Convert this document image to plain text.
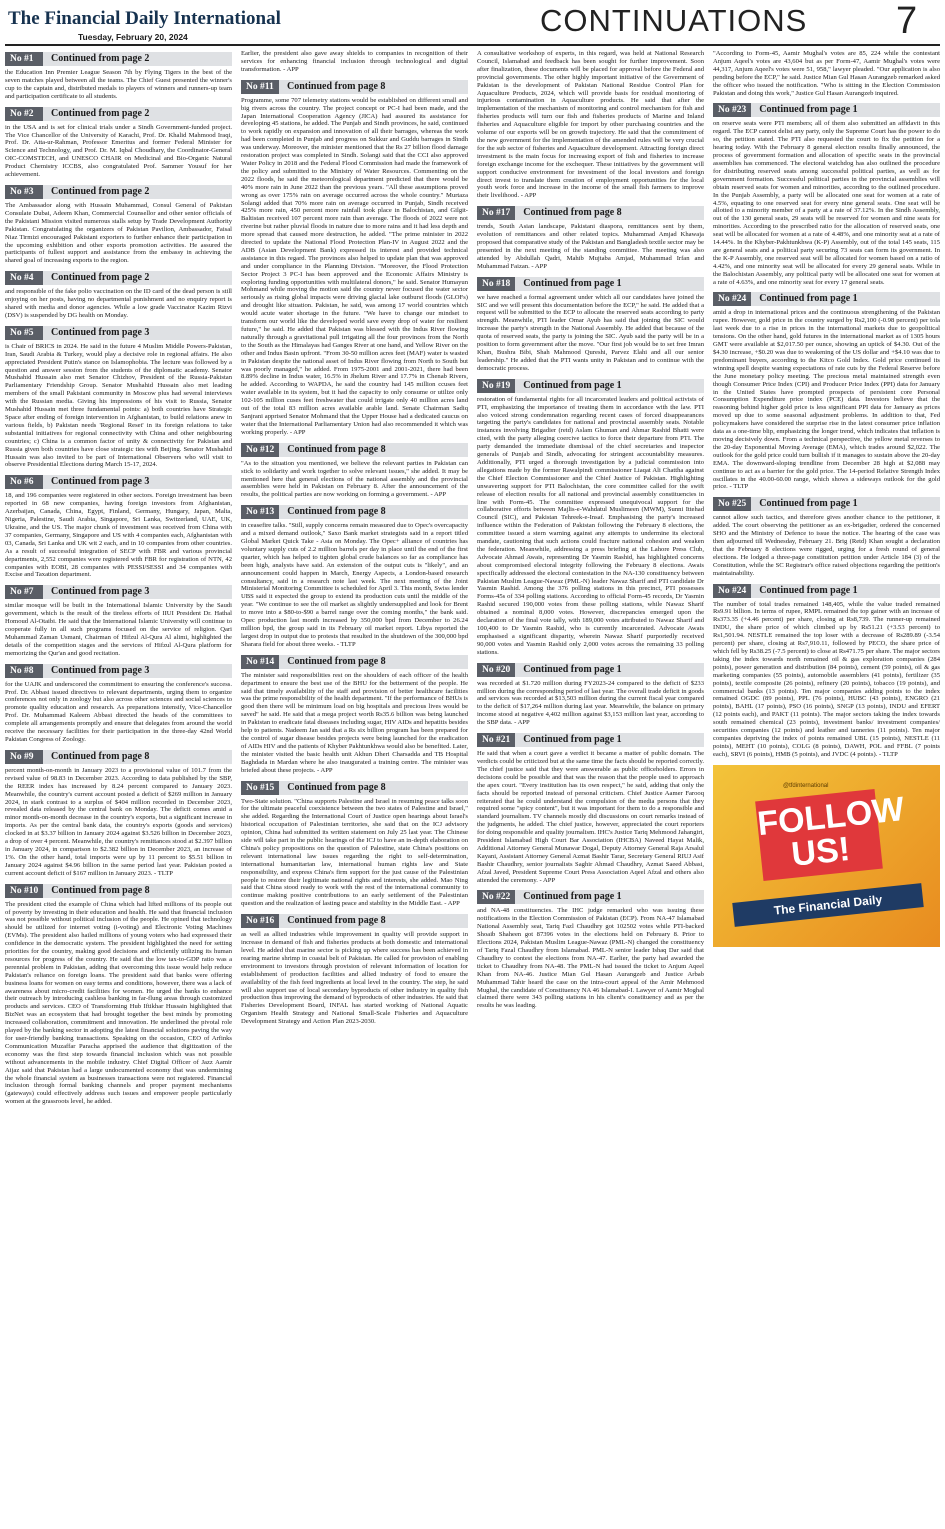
The Financial Daily International
Tuesday, February 20, 2024	CONTINUATIONS 7
No #1	Continued from page 2
the Education Inn Premier League Season 7th by Flying Tigers in the best of the seven matches played between all the teams. The Chief Guest presented the winner's cup to the captain and, distributed medals to players of winners and runners-up team and participation certificate to all students.
No #2	Continued from page 2
in the USA and is set for clinical trials under a Sindh Government-funded project. The Vice Chancellor of the University of Karachi, Prof. Dr. Khalid Mahmood Iraqi, Prof. Dr. Atta-ur-Rahman, Professor Emeritus and former Federal Minister for Science and Technology, and Prof. Dr. M. Iqbal Choudhary, the Coordinator-General OIC-COMSTECH, and UNESCO CHAIR on Medicinal and Bio-Organic Natural Product Chemistry ICCBS, also congratulated Prof. Sammer Yousuf for her achievement.
No #3	Continued from page 2
The Ambassador along with Hussain Muhammad, Consul General of Pakistan Consulate Dubai, Adeem Khan, Commercial Counsellor and other senior officials of the Pakistani Mission visited numerous stalls setup by Trade Development Authority Pakistan. Congratulating the organizers of Pakistan Pavilion, Ambassador, Faisal Niaz Tirmizi encouraged Pakistani exporters to further enhance their participation in the upcoming exhibition and other exports promotion activities. He assured the participants of fullest support and assistance from the embassy in achieving the shared goal of increasing exports to the region.
No #4	Continued from page 2
and responsible of the fake polio vaccination on the ID card of the dead person is still enjoying on her posts, having no departmental punishment and no enquiry report is shared with media and donor agencies. While a low grade Vaccinator Kazim Rizvi (DSV) is suspended by DG health on Monday.
No #5	Continued from page 3
is Chair of BRICS in 2024. He said in the future 4 Muslim Middle Powers-Pakistan, Iran, Saudi Arabia & Turkey, would play a decisive role in regional affairs. He also appreciated President Putin's stance on Islamophobia. The lecture was followed by a question and answer session from the students of the diplomatic academy. Senator Mushahid Hussain also met Senator Chizhov, President of the Russia-Pakistan Parliamentary Friendship Group. Senator Mushahid Hussain also met leading members of the small Pakistani community in Moscow plus had several interviews with the Russian media. Giving his impressions of his visit to Russia, Senator Mushahid Hussain met three fundamental points: a) both countries have Strategic Space after ending of foreign intervention in Afghanistan, to build relations anew in various fields, b) Pakistan needs 'Regional Reset' in its foreign relations to take substantial initiatives for regional connectivity with China and other neighbouring countries; c) China is a common factor of unity & connectivity for Pakistan and Russia given both countries have close strategic ties with Beijing. Senator Mushahid Hussain was also invited to be part of International Observers who will visit to observe Presidential Elections during March 15-17, 2024.
No #6	Continued from page 3
18, and 196 companies were registered in other sectors. Foreign investment has been reported in 68 new companies, having foreign investors from Afghanistan, Azerbaijan, Canada, China, Egypt, Finland, Germany, Hungary, Japan, Malta, Nigeria, Palestine, Saudi Arabia, Singapore, Sri Lanka, Switzerland, UAE, UK, Ukraine, and the US. The major chunk of investment was received from China with 37 companies, Germany, Singapore and US with 4 companies each, Afghanistan with 03, Canada, Sri Lanka and UK wit 2 each, and in 10 companies from other countries. As a result of successful integration of SECP with FBR and various provincial departments, 2,552 companies were registered with FBR for registration of NTN, 42 companies with EOBI, 28 companies with PESSI/SESSI and 34 companies with Excise and Taxation department.
No #7	Continued from page 3
similar mosque will be built in the International Islamic University by the Saudi government, which is the result of the tireless efforts of IIUI President Dr. Hathal Homoud Al-Otaibi. He said that the International Islamic University will continue to cooperate fully in all such programs focused on the service of religion. Qari Muhammad Zaman Usmani, Chairman of Hifzul Al-Qura Al alimi, highlighted the details of the competition stages and the services of Hifzul Al-Qura platform for memorizing the Qur'an and good recitation.
No #8	Continued from page 3
for the UAJK and underscored the commitment to ensuring the conference's success. Prof. Dr. Abbasi issued directives to relevant departments, urging them to organize conferences not only in zoology but also across other sciences and social sciences to promote quality education and research. As preparations intensify, Vice-Chancellor Prof. Dr. Muhammad Kaleem Abbasi directed the heads of the committees to complete all arrangements promptly and ensure that delegates from around the world receive the necessary facilities for their participation in the three-day 42nd World Pakistan Congress of Zoology.
No #9	Continued from page 8
percent month-on-month in January 2023 to a provisional value of 101.7 from the revised value of 98.83 in December 2023. According to data published by the SBP, the REER index has increased by 8.24 percent compared to January 2023. Meanwhile, the country's current account posted a deficit of $269 million in January 2024, in stark contrast to a surplus of $404 million recorded in December 2023, revealed data released by the central bank on Monday. The deficit comes amid a minor month-on-month decrease in the country's exports, but a significant increase in imports. As per the central bank data, the country's exports (goods and services) clocked in at $3.37 billion in January 2024 against $3.526 billion in December 2023, a drop of over 4 percent. Meanwhile, the country's remittances stood at $2.397 billion in January 2024, in comparison to $2.382 billion in December 2023, an increase of 1%. On the other hand, total imports were up by 11 percent to $5.51 billion in January 2024 against $4.96 billion in the same period last year. Pakistan posted a current account deficit of $167 million in January 2023. - TLTP
No #10	Continued from page 8
The president cited the example of China which had lifted millions of its people out of poverty by investing in their education and health. He said that financial inclusion was not possible without political inclusion of the people. He opined that technology should be utilized for internet voting (i-voting) and Electronic Voting Machines (EVMs). The president also hailed millions of young voters who had expressed their confidence in the democratic system. The president highlighted the need for setting priorities for the country, making good decisions and efficiently utilizing its human resources for progress of the country. He said that the low tax-to-GDP ratio was a perennial problem in Pakistan, adding that overcoming this issue would help reduce Pakistan's reliance on foreign loans. The president said that banks were offering business loans for women on easy terms and conditions, however, there was a lack of awareness about micro-credit facilities for women. He urged the banks to enhance their outreach by introducing cashless banking in far-flung areas through customized products and services. CEO of Transforming Hub Iftikhar Hussain highlighted that BizNet was an ecosystem that had brought together the best minds by promoting increased collaboration, commitment and innovation. He underlined the pivotal role played by the banking sector in adopting the latest financial solutions paving the way for user-friendly banking transactions. Speaking on the occasion, CEO of Arfinks Communication Muzaffar Paracha apprised the audience that digitization of the economy was the first step towards financial inclusion which was not possible without advancements in the mobile industry. Chief Digital Officer of Jazz Aamir Aijaz said that Pakistan had a large undocumented economy that was undermining the whole financial system as businesses transactions were not registered. Financial inclusion through formal banking channels and proper payment mechanisms (gateways) could effectively address such issues and empower people particularly women at the grassroots level, he added.
Earlier, the president also gave away shields to companies in recognition of their services for enhancing financial inclusion through technological and digital transformation. - APP
No #11	Continued from page 8
Programme, some 707 telemetry stations would be established on different small and big rivers across the country. The project concept or PC-I had been made, and the Japan International Cooperation Agency (JICA) had assured its assistance for developing 45 stations, he added. The Punjab and Sindh provinces, he said, continued to work rapidly on expansion and innovation of all their barrages, whereas the work had been completed in Punjab and progress on Sukkur and Guddu barrages in Sindh was underway. Moreover, the minister mentioned that the Rs 27 billion flood damage restoration project was completed in Sindh. Solangi said that the CCI also approved Water Policy in 2018 and the Federal Flood Commission had made the framework of the policy and submitted to the Ministry of Water Resources. Commenting on the 2022 floods, he said the meteorological department predicted that there would be 40% more rain in June 2022 than the previous years. "All these assumptions proved wrong as over 175% rain on average occurred across the whole country." Murtaza Solangi added that 70% more rain on average occurred in Punjab, Sindh received 425% more rain, 450 percent more rainfall took place in Balochistan, and Gilgit-Baltistan received 107 percent more rain than average. The floods of 2022 were not riverine but rather pluvial floods in nature due to more rains and it had less depth and more spread that caused more destruction, he added. "The prime minister in 2022 directed to update the National Flood Protection Plan-IV in August 2022 and the ADB (Asian Development Bank) expressed its interest and provided technical assistance in this regard. The provinces also helped to update plan that was approved and under compliance in the Planning Division. "Moreover, the Flood Protection Sector Project 3 PC-I has been approved and the Economic Affairs Ministry is exploring funding opportunities with multilateral donors," he said. Senator Humayun Mohmand while moving the motion said the country never focused the water sector seriously as rising global impacts were driving glacial lake outburst floods (GLOFs) and drought like situation. Pakistan, he said, was among 17 world countries which would acute water shortage in the future. "We have to change our mindset to transform our world like the developed world save every drop of water for resilient future," he said. He added that Pakistan was blessed with the Indus River flowing naturally through a gravitational pull irrigating all the four provinces from the North to the South as the Himalayas had Ganges River at one hand, and Yellow River on the other and Indus Basin upfront. "From 30-50 million acres feet (MAF) water is wasted in Pakistan despite the national asset of Indus River flowing from North to South but was poorly managed," he added. From 1975-2001 and 2001-2021, there had been 8.89% decline in Indus water, 16.5% in Jhelum River and 17.7% in Chenab Rivers, he added. According to WAPDA, he said the country had 145 million ccuses feet water available in its system, but it had the capacity to only consume or utilize only 102-105 million cuses feet freshwater that could irrigate only 40 million acres land out of the total 83 million acres available arable land. Senate Chairman Sadiq Sanjrani apprised Senator Mohmand that the Upper House had a dedicated caucus on water that the International Parliamentary Union had also recommended it which was working properly. - APP
No #12	Continued from page 8
"As to the situation you mentioned, we believe the relevant parties in Pakistan can stick to solidarity and work together to solve relevant issues," she added. It may be mentioned here that general elections of the national assembly and the provincial assemblies were held in Pakistan on February 8. After the announcement of the results, the political parties are now working on forming a government. - APP
No #13	Continued from page 8
in ceasefire talks. "Still, supply concerns remain measured due to Opec's overcapacity and a mixed demand outlook," Saxo Bank market strategists said in a report titled Global Market Quick Take - Asia on Monday. The Opec+ alliance of countries has voluntary supply cuts of 2.2 million barrels per day in place until the end of the first quarter, which has helped to tighten global crude balances so far as compliance has been high, analysts have said. An extension of the output cuts is "likely", and an announcement could happen in March, Energy Aspects, a London-based research consultancy, said in a research note last week. The next meeting of the Joint Ministerial Monitoring Committee is scheduled for April 3. This month, Swiss lender UBS said it expected the group to extend its production cuts until the middle of the year. "We continue to see the oil market as slightly undersupplied and look for Brent to move into a $80-to-$90 a barrel range over the coming months," the bank said. Opec production last month increased by 350,000 bpd from December to 26.24 million bpd, the group said in its February oil market report. Libya reported the largest drop in output due to protests that resulted in the shutdown of the 300,000 bpd Sharara field for about three weeks. - TLTP
No #14	Continued from page 8
The minister said responsibilities rest on the shoulders of each officer of the health department to ensure the best use of the BHU for the betterment of the people. He said that timely availability of the staff and provision of better healthcare facilities was the prime responsibility of the health department. "If the performance of BHUs is good then there will be minimum load on big hospitals and precious lives would be saved" he said. He said that a mega project worth Rs35.6 billion was being launched in Pakistan to eradicate fatal diseases including sugar, HIV AIDs and hepatitis besides help to patients. Nadeem Jan said that a Rs six billion program has been prepared for the control of sugar disease besides projects were being launched for the eradication of AIDs HIV and the patients of Khyber Pakhtunkhwa would also be benefited. Later, the minister visited the basic health unit Akhun Dheri Charsadda and TB Hospital Baghdada in Mardan where he also inaugurated a training centre. The minister was briefed about these projects. - APP
No #15	Continued from page 8
Two-State solution. "China supports Palestine and Israel in resuming peace talks soon for the ultimate peaceful coexistence between the two states of Palestine and Israel," she added. Regarding the International Court of Justice open hearings about Israel's historical occupation of Palestinian territories, she said that on the ICJ advisory opinion, China had submitted its written statement on July 25 last year. The Chinese side will take part in the public hearings of the ICJ to have an in-depth elaboration on China's policy propositions on the question of Palestine, state China's positions on relevant international law issues regarding the right to self-determination, international humanitarian law, international human rights law and State responsibility, and express China's firm support for the just cause of the Palestinian people to restore their legitimate national rights and interests, she added. Mao Ning said that China stood ready to work with the rest of the international community to continue making positive contributions to an early settlement of the Palestinian question and the realization of lasting peace and stability in the Middle East. - APP
No #16	Continued from page 8
as well as allied industries while improvement in quality will provide support in increase in demand of fish and fisheries products at both domestic and international level. He added that marine sector is picking up where success has been achieved in rearing marine shrimp in coastal belt of Pakistan. He called for provision of enabling environment to investors through provision of relevant information of location for establishment of production facilities and allied industry of food to ensure the availability of the fish feed ingredients at local level in the country. The step, he said will also support use of local secondary byproducts of other industry in quality fish production thus improving the demand of byproducts of other industries. He said that Fisheries Development Board, INFAL has started working of National Aquatic Organism Health Strategy and National Small-Scale Fisheries and Aquaculture Development Strategy and Action Plan 2023-2030.
A consultative workshop of experts, in this regard, was held at National Research Council, Islamabad and feedback has been sought for further improvement. Soon after finalization, these documents will be placed for approval before the Federal and provincial governments. The other highly important initiative of the Government of Pakistan is the development of Pakistan National Residue Control Plan for Aquaculture Products, 2024, which will provide basis for residual monitoring of injurious contamination in Aquaculture products. He said that after the implementation of the mechanism of monitoring and control mechanism for fish and fisheries products will turn our fish and fisheries products of Marine and Inland fisheries and Aquaculture eligible for import by other purchasing countries and the volume of our exports will be on growth trajectory. He said that the commitment of the new government for the implementation of the amended rules will be very crucial for the sub sector of fisheries and Aquaculture development. Attracting foreign direct investment is the main focus for increasing export of fish and fisheries to increase foreign exchange income for the exchequer. These initiatives by the government will support conducive environment for investment of the local investors and foreign direct invest to translate them creation of employment opportunities for the local youth work force and increase in the income of the small fish farmers to improve their livelihood. - APP
No #17	Continued from page 8
trends, South Asian landscape, Pakistani diaspora, remittances sent by them, evolution of remittances and other related topics. Muhammad Amjad Khawaja proposed that comparative study of the Pakistan and Bangladesh textile sector may be presented in the next meeting of the standing committee. The meeting was also attended by Abdullah Qadri, Mahib Mujtaba Amjad, Muhammad Irfan and Muhammad Faizan. - APP
No #18	Continued from page 1
we have reached a formal agreement under which all our candidates have joined the SIC and we will present this documentation before the ECP," he said. He added that a request will be submitted to the ECP to allocate the reserved seats according to party strength. Meanwhile, PTI leader Omar Ayub has said that joining the SIC would increase the party's strength in the National Assembly. He added that because of the quota of reserved seats, the party is joining the SIC. Ayub said the party will be in a position to form government after the move. "Our first job would be to set free Imran Khan, Bushra Bibi, Shah Mahmood Qureshi, Parvez Elahi and all our senior leadership." He added that the PTI wants unity in Pakistan and to continue with the democratic process.
No #19	Continued from page 1
restoration of fundamental rights for all incarcerated leaders and political activists of PTI, emphasizing the importance of treating them in accordance with the law. PTI also voiced strong condemnation regarding recent cases of forced disappearances targeting the party's candidates for national and provincial assembly seats. Notable instances involving Brigadier (retd) Aslam Ghuman and Ahmar Rashid Bhatti were cited, with the party alleging coercive tactics to force their departure from PTI. The party demanded the immediate dismissal of the chief secretaries and inspector generals of Punjab and Sindh, advocating for stringent accountability measures. Additionally, PTI urged a thorough investigation by a judicial commission into allegations made by the former Rawalpindi commissioner Liaqat Ali Chattha against the Chief Election Commissioner and the Chief Justice of Pakistan. Highlighting unwavering support for PTI Balochistan, the core committee called for the swift release of election results for all national and provincial assembly constituencies in line with Form-45. The committee expressed unequivocal support for the collaborative efforts between Majlis-e-Wahdatul Muslimeen (MWM), Sunni Ittehad Council (SIC), and Pakistan Tehreek-e-Insaf. Emphasising the party's increased influence within the Federation of Pakistan following the February 8 elections, the committee issued a stern warning against any attempts to undermine its electoral mandate, cautioning that such actions could fracture national cohesion and weaken the federation. Meanwhile, addressing a press briefing at the Lahore Press Club, Advocate Ahmad Awais, representing Dr Yasmin Rashid, has highlighted concerns about compromised electoral integrity following the February 8 elections. Awais specifically addressed the electoral contestation in the NA-130 constituency between Pakistan Muslim League-Nawaz (PML-N) leader Nawaz Sharif and PTI candidate Dr Yasmin Rashid. Among the 376 polling stations in this precinct, PTI possesses Forms-45s of 334 polling stations. According to official Form-45 records, Dr Yasmin Rashid secured 190,000 votes from these polling stations, while Nawaz Sharif obtained a nominal 8,000 votes. However, discrepancies emerged upon the declaration of the final vote tally, with 189,000 votes attributed to Nawaz Sharif and 100,400 to Dr Yasmin Rashid, who is currently incarcerated. Advocate Awais emphasised a significant disparity, wherein Nawaz Sharif purportedly received 90,000 votes and Yasmin Rashid only 2,000 votes across the remaining 33 polling stations.
No #20	Continued from page 1
was recorded at $1.720 million during FY2023-24 compared to the deficit of $233 million during the corresponding period of last year. The overall trade deficit in goods and services was recorded at $13,503 million during the current fiscal year compared to the deficit of $17,264 million during last year. Meanwhile, the balance on primary income stood at negative 4,402 million against $3,153 million last year, according to the SBP data. - APP
No #21	Continued from page 1
He said that when a court gave a verdict it became a matter of public domain. The verdicts could be criticized but at the same time the facts should be reported correctly. The chief justice said that they were answerable as public officeholders. Errors in decisions could be possible and that was the reason that the people used to approach the apex court. "Every institution has its own respect," he said, adding that only the facts should be reported instead of personal criticism. Chief Justice Aamer Farooq reiterated that he could understand the compulsion of the media persons that they required some "spicy content", but it was important for them to do a responsible and standard journalism. TV channels mostly did discussions on court remarks instead of the judgments, he added. The chief justice, however, appreciated the court reporters for doing responsible and quality journalism. IHC's Justice Tariq Mehmood Jahangiri, President Islamabad High Court Bar Association (IHCBA) Naveed Hayat Malik, Additional Attorney General Munawar Dogal, Deputy Attorney General Raja Arsalul Kayani, Assistant Attorney General Azmat Bashir Tarar, Secretary General RIUJ Asif Bashir Chaudhry, senior journalists Saghir Ahmad Chaudhry, Azmat Saeed Abbasi, Afzal Javed, President Supreme Court Press Association Aqeel Afzal and others also attended the ceremony. - APP
No #22	Continued from page 1
and NA-48 constituencies. The IHC judge remarked who was issuing these notifications in the Election Commission of Pakistan (ECP). From NA-47 Islamabad National Assembly seat, Tariq Fazl Chaudhry got 102502 votes while PTI-backed Shoaib Shaheen got 87396 votes in the elections held on February 8. Prior to Elections 2024, Pakistan Muslim League-Nawaz (PML-N) changed the constituency of Tariq Fazal Chaudhry from Islamabad. PML-N senior leader Ishaq Dar said that Chaudhry to contest the elections from NA-47. Earlier, the party had awarded the ticket to Chaudhry from NA-48. The PML-N had issued the ticket to Anjum Aqeel Khan from NA-46. Justice Mian Gul Hasan Aurangzeb and Justice Arbab Muhammad Tahir heard the case on the intra-court appeal of the Amir Mehmood Mughal, the candidate of Constituency NA 46 Islamabad-I. Lawyer of Aamir Moghal claimed there were 343 polling stations in his client's constituency and as per the results he was leading.
"According to Form-45, Aamir Mughal's votes are 85, 224 while the contestant Anjum Aqeel's votes are 43,604 but as per Form-47, Aamir Mughal's votes were 44,317, Anjum Aqeel's votes were 51, 958," lawyer pleaded. "Our application is also pending before the ECP," he said. Justice Mian Gul Hasan Aurangzeb remarked asked the officer who issued the notification. "Who is sitting in the Election Commission Pakistan and doing this work," Justice Gul Hasan Aurangzeb inquired.
No #23	Continued from page 1
on reserve seats were PTI members; all of them also submitted an affidavit in this regard. The ECP cannot delist any party, only the Supreme Court has the power to do so, the petition stated. The PTI also requested the court to fix the petition for a hearing today. With the February 8 general election results finally announced, the process of government formation and allocation of specific seats in the provincial assemblies has commenced. The electoral watchdog has also outlined the procedure for distributing reserved seats among successful political parties, as well as for government formation. Successful political parties in the provincial assemblies will obtain reserved seats for women and minorities, according to the outlined procedure. In the Punjab Assembly, a party will be allocated one seat for women at a rate of 4.5%, equating to one reserved seat for every nine general seats. One seat will be allotted to a minority member of a party at a rate of 37.12%. In the Sindh Assembly, out of the 130 general seats, 29 seats will be reserved for women and nine seats for minorities. According to the prescribed ratio for the allocation of reserved seats, one seat will be allocated for women at a rate of 4.48%, and one minority seat at a rate of 14.44%. In the Khyber-Pakhtunkhwa (K-P) Assembly, out of the total 145 seats, 115 are general seats and a political party securing 73 seats can form its government. In the K-P Assembly, one reserved seat will be allocated for women based on a ratio of 4.42%, and one minority seat will be allocated for every 29 general seats. While in the Balochistan Assembly, any political party will be allocated one seat for women at a rate of 4.63%, and one minority seat for every 17 general seats.
No #24	Continued from page 1
amid a drop in international prices and the continuous strengthening of the Pakistan rupee. However, gold price in the country surged by Rs2,100 (-0.98 percent) per tola last week due to a rise in prices in the international markets due to geopolitical tensions. On the other hand, gold futures in the international market as of 1305 hours GMT were available at $2,017.50 per ounce, showing an uptick of $4.30. Out of the $4.30 increase, +$0.20 was due to weakening of the US dollar and +$4.10 was due to predominant buyers, according to the Kitco Gold Index. Gold price continued its winning spell despite waning expectations of rate cuts by the Federal Reserve before the June monetary policy meeting. The precious metal maintained strength even though Consumer Price Index (CPI) and Producer Price Index (PPI) data for January in the United States have prompted prospects of persistent core Personal Consumption Expenditure price index (PCE) data. Investors believe that the reasoning behind higher gold price is less significant PPI data for January as prices moved up due to some seasonal adjustment problems. In addition to that, Fed policymakers have considered the surprise rise in the latest consumer price inflation data as a one-time blip, emphasizing the longer trend, which indicates that inflation is moving decisively down. From a technical perspective, the yellow metal reverses to the 20-day Exponential Moving Average (EMA), which trades around $2,022. The outlook for the gold price could turn bullish if it manages to sustain above the 20-day EMA. The downward-sloping trendline from December 28 high at $2,088 may continue to act as a barrier for the gold price. The 14-period Relative Strength Index oscillates in the 40.00-60.00 range, which shows a sideways outlook for the gold price. - TLTP
No #25	Continued from page 1
cannot allow such tactics, and therefore gives another chance to the petitioner, it added. The court observing the petitioner as an ex-brigadier, ordered the concerned SHO and the Ministry of Defence to issue the notice. The hearing of the case was then adjourned till Wednesday, February 21. Brig (Retd) Khan sought a declaration that the February 8 elections were rigged, urging for a fresh round of general elections. He lodged a three-page constitution petition under Article 184 (3) of the Constitution, while the SC Registrar's office raised objections regarding the petition's maintainability.
No #24	Continued from page 1
The number of total trades remained 148,405, while the value traded remained Rs9.91 billion. In terms of rupee, RMPL remained the top gainer with an increase of Rs373.35 (+4.46 percent) per share, closing at Rs8,739. The runner-up remained INDU, the share price of which climbed up by Rs51.21 (+3.53 percent) to Rs1,501.94. NESTLE remained the top loser with a decrease of Rs289.89 (-3.54 percent) per share, closing at Rs7,910.11, followed by PECO, the share price of which fell by Rs38.25 (-7.5 percent) to close at Rs471.75 per share. The major sectors taking the index towards north remained oil & gas exploration companies (284 points), power generation and distribution (84 points), cement (59 points), oil & gas marketing companies (55 points), automobile assemblers (41 points), fertilizer (35 points), textile composite (26 points), refinery (20 points), tobacco (19 points), and commercial banks (13 points). Ten major companies adding points to the index remained OGDC (89 points), PPL (76 points), HUBC (43 points), ENGRO (21 points), BAHL (17 points), PSO (16 points), SNGP (13 points), INDU and EFERT (12 points each), and PAKT (11 points). The major sectors taking the index towards south remained chemical (23 points), investment banks/ investment companies/ securities companies (12 points) and leather and tanneries (11 points). Ten major companies depriving the index of points remained UBL (15 points), NESTLE (11 points), MEHT (10 points), COLG (8 points), DAWH, POL and FFBL (7 points each), SRVI (6 points), HMB (5 points), and JVDC (4 points). - TLTP
@tfdinternational
FOLLOW US!
The Financial Daily
